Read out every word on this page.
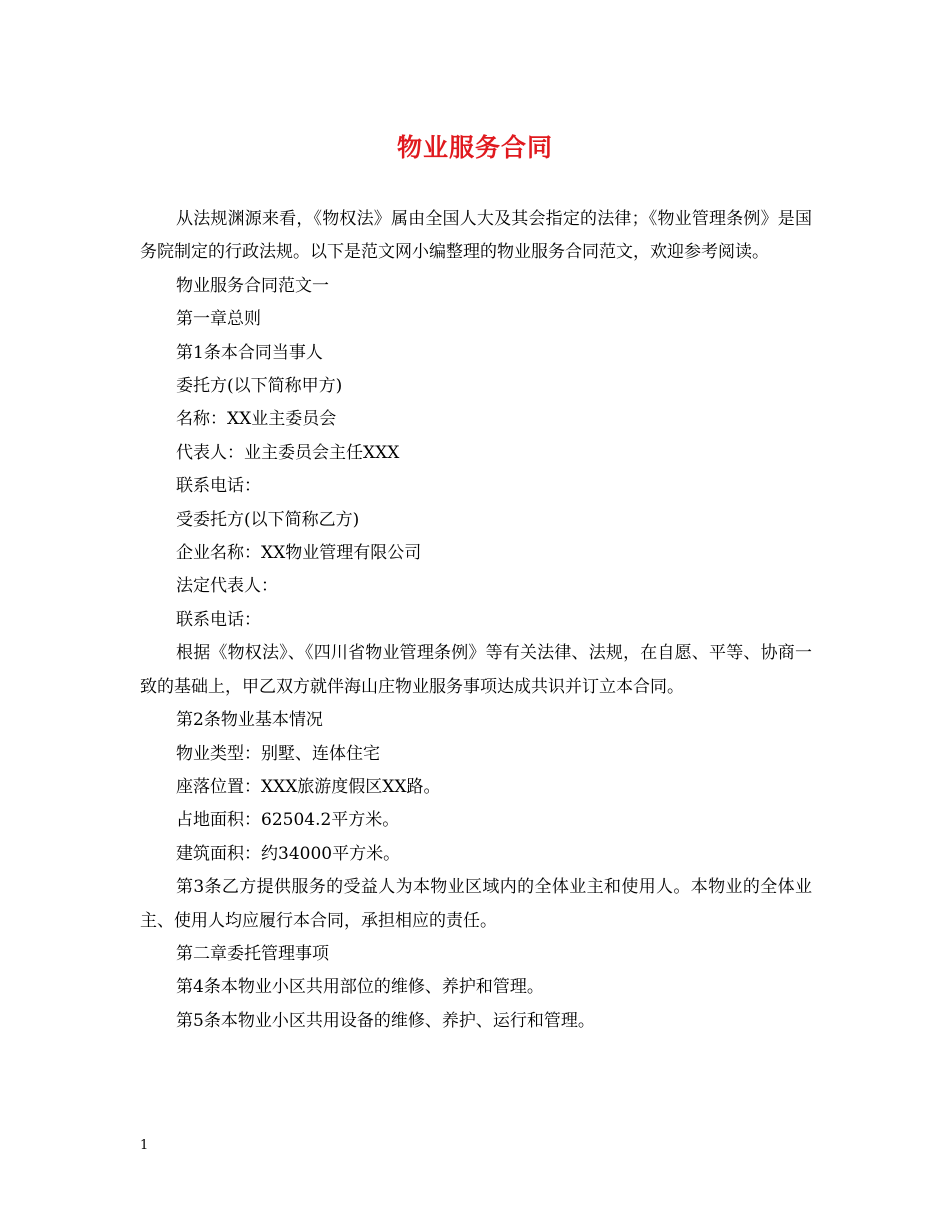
物业服务合同

从法规渊源来看，《物权法》属由全国人大及其会指定的法律；《物业管理条例》是国务院制定的行政法规。以下是范文网小编整理的物业服务合同范文，欢迎参考阅读。

物业服务合同范文一

第一章总则

第1条本合同当事人

委托方(以下简称甲方)

名称：XX业主委员会

代表人：业主委员会主任XXX

联系电话：

受委托方(以下简称乙方)

企业名称：XX物业管理有限公司

法定代表人：

联系电话：

根据《物权法》、《四川省物业管理条例》等有关法律、法规，在自愿、平等、协商一致的基础上，甲乙双方就伴海山庄物业服务事项达成共识并订立本合同。

第2条物业基本情况

物业类型：别墅、连体住宅

座落位置：XXX旅游度假区XX路。

占地面积：62504.2平方米。

建筑面积：约34000平方米。

第3条乙方提供服务的受益人为本物业区域内的全体业主和使用人。本物业的全体业主、使用人均应履行本合同，承担相应的责任。

第二章委托管理事项

第4条本物业小区共用部位的维修、养护和管理。

第5条本物业小区共用设备的维修、养护、运行和管理。

1
